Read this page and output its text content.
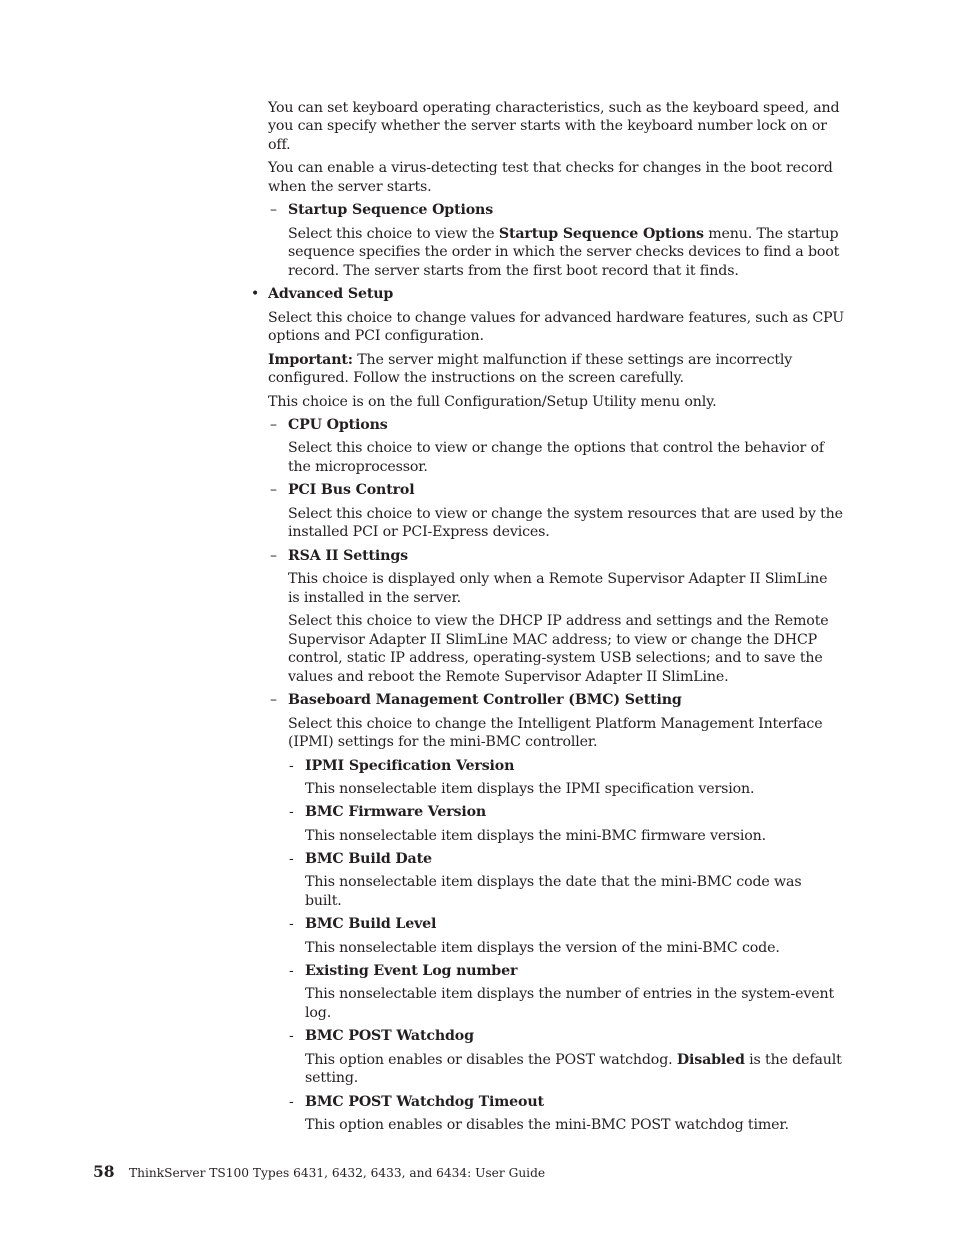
You can set keyboard operating characteristics, such as the keyboard speed, and
you can specify whether the server starts with the keyboard number lock on or
off.
You can enable a virus-detecting test that checks for changes in the boot record
when the server starts.
– Startup Sequence Options
Select this choice to view the Startup Sequence Options menu. The startup
sequence specifies the order in which the server checks devices to find a boot
record. The server starts from the first boot record that it finds.
• Advanced Setup
Select this choice to change values for advanced hardware features, such as CPU
options and PCI configuration.
Important: The server might malfunction if these settings are incorrectly
configured. Follow the instructions on the screen carefully.
This choice is on the full Configuration/Setup Utility menu only.
– CPU Options
Select this choice to view or change the options that control the behavior of
the microprocessor.
– PCI Bus Control
Select this choice to view or change the system resources that are used by the
installed PCI or PCI-Express devices.
– RSA II Settings
This choice is displayed only when a Remote Supervisor Adapter II SlimLine
is installed in the server.
Select this choice to view the DHCP IP address and settings and the Remote
Supervisor Adapter II SlimLine MAC address; to view or change the DHCP
control, static IP address, operating-system USB selections; and to save the
values and reboot the Remote Supervisor Adapter II SlimLine.
– Baseboard Management Controller (BMC) Setting
Select this choice to change the Intelligent Platform Management Interface
(IPMI) settings for the mini-BMC controller.
- IPMI Specification Version
This nonselectable item displays the IPMI specification version.
- BMC Firmware Version
This nonselectable item displays the mini-BMC firmware version.
- BMC Build Date
This nonselectable item displays the date that the mini-BMC code was
built.
- BMC Build Level
This nonselectable item displays the version of the mini-BMC code.
- Existing Event Log number
This nonselectable item displays the number of entries in the system-event
log.
- BMC POST Watchdog
This option enables or disables the POST watchdog. Disabled is the default
setting.
- BMC POST Watchdog Timeout
This option enables or disables the mini-BMC POST watchdog timer.
58 ThinkServer TS100 Types 6431, 6432, 6433, and 6434: User Guide
